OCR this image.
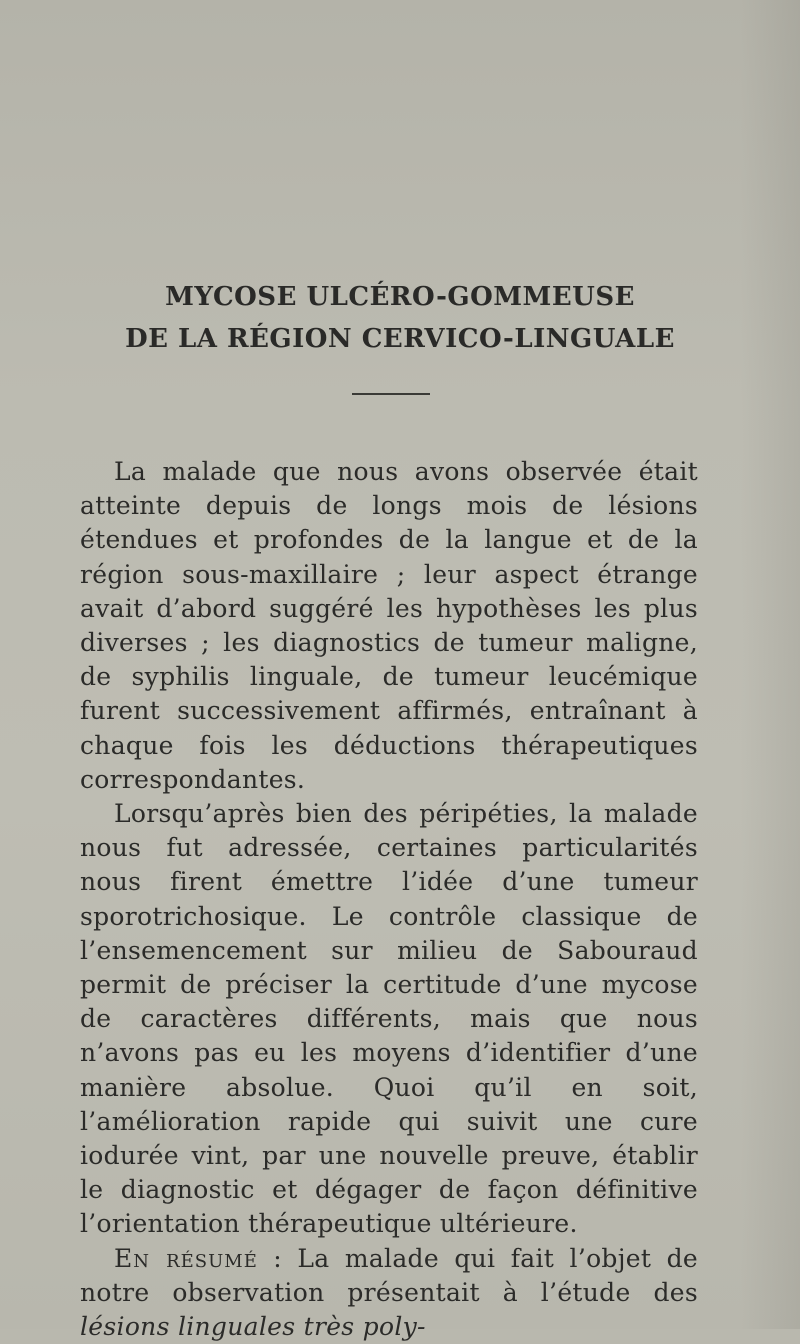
MYCOSE ULCÉRO-GOMMEUSE
DE LA RÉGION CERVICO-LINGUALE

La malade que nous avons observée était atteinte depuis de longs mois de lésions étendues et profondes de la langue et de la région sous-maxillaire ; leur aspect étrange avait d’abord suggéré les hypothèses les plus diverses ; les diagnostics de tumeur maligne, de syphilis linguale, de tumeur leucémique furent successivement affirmés, entraînant à chaque fois les déductions thérapeutiques correspondantes.

Lorsqu’après bien des péripéties, la malade nous fut adressée, certaines particularités nous firent émettre l’idée d’une tumeur sporotrichosique. Le contrôle classique de l’ensemencement sur milieu de Sabouraud permit de préciser la certitude d’une mycose de caractères différents, mais que nous n’avons pas eu les moyens d’identifier d’une manière absolue. Quoi qu’il en soit, l’amélioration rapide qui suivit une cure iodurée vint, par une nouvelle preuve, établir le diagnostic et dégager de façon définitive l’orientation thérapeutique ultérieure.

En résumé : La malade qui fait l’objet de notre observation présentait à l’étude des lésions linguales très poly-
